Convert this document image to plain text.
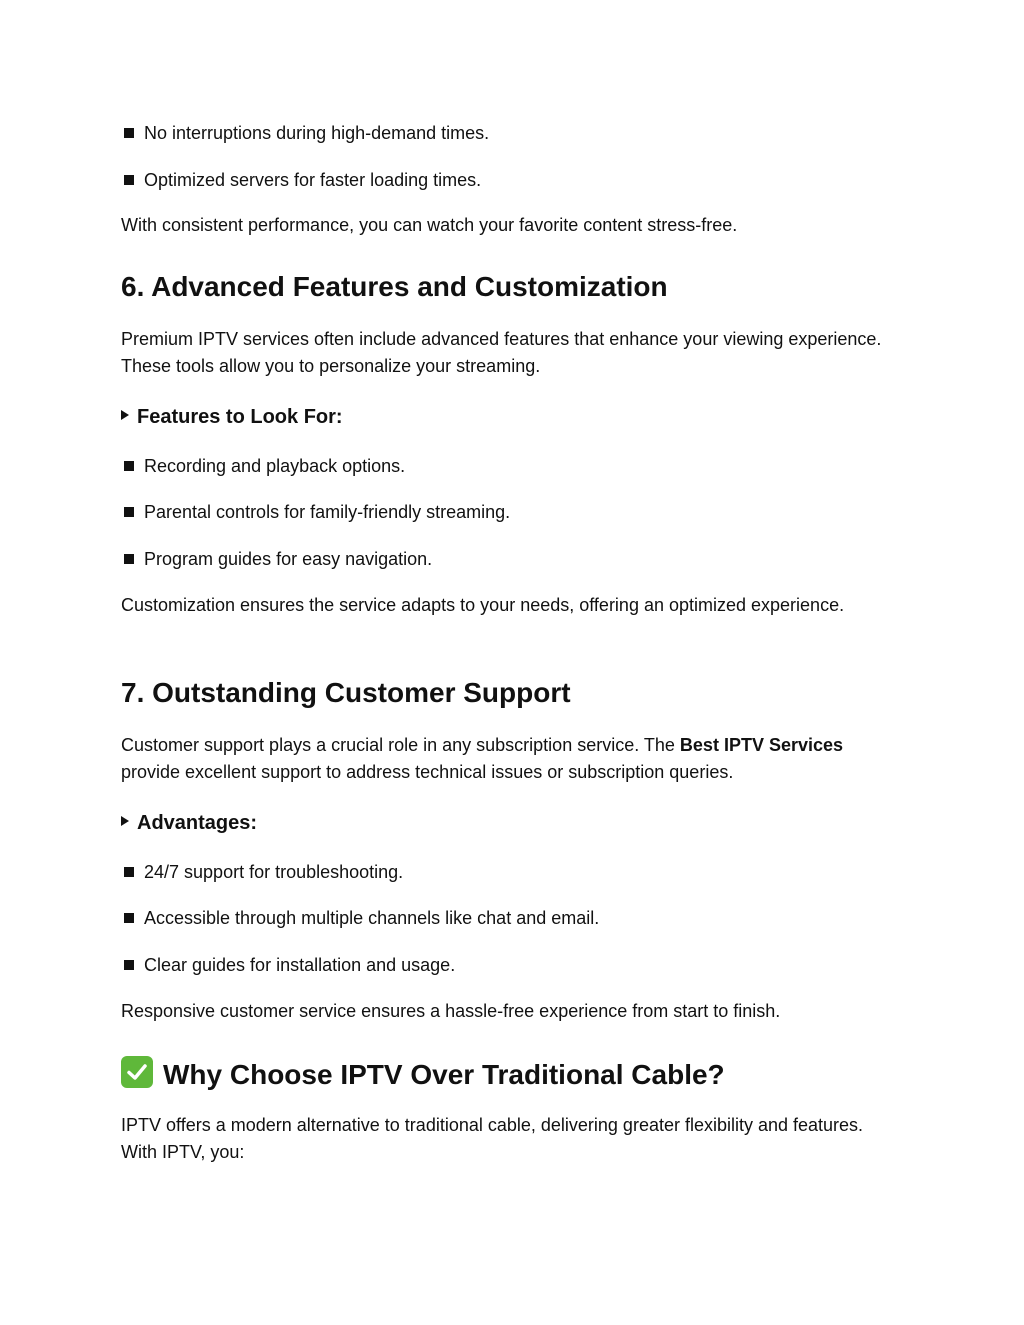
No interruptions during high-demand times.
Optimized servers for faster loading times.

With consistent performance, you can watch your favorite content stress-free.

6. Advanced Features and Customization

Premium IPTV services often include advanced features that enhance your viewing experience. These tools allow you to personalize your streaming.

Features to Look For:
Recording and playback options.
Parental controls for family-friendly streaming.
Program guides for easy navigation.

Customization ensures the service adapts to your needs, offering an optimized experience.

7. Outstanding Customer Support

Customer support plays a crucial role in any subscription service. The Best IPTV Services provide excellent support to address technical issues or subscription queries.

Advantages:
24/7 support for troubleshooting.
Accessible through multiple channels like chat and email.
Clear guides for installation and usage.

Responsive customer service ensures a hassle-free experience from start to finish.

Why Choose IPTV Over Traditional Cable?

IPTV offers a modern alternative to traditional cable, delivering greater flexibility and features. With IPTV, you:
